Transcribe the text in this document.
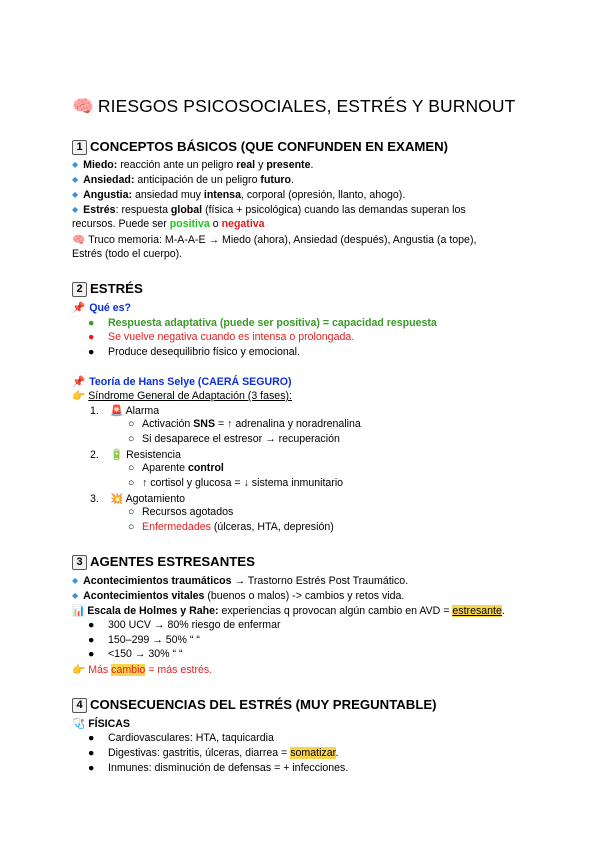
🧠 RIESGOS PSICOSOCIALES, ESTRÉS Y BURNOUT
1 CONCEPTOS BÁSICOS (QUE CONFUNDEN EN EXAMEN)
◆ Miedo: reacción ante un peligro real y presente.
◆ Ansiedad: anticipación de un peligro futuro.
◆ Angustia: ansiedad muy intensa, corporal (opresión, llanto, ahogo).
◆ Estrés: respuesta global (física + psicológica) cuando las demandas superan los
recursos. Puede ser positiva o negativa
🧠 Truco memoria: M-A-A-E → Miedo (ahora), Ansiedad (después), Angustia (a tope),
Estrés (todo el cuerpo).
2 ESTRÉS
📌 Qué es?
● Respuesta adaptativa (puede ser positiva) = capacidad respuesta
● Se vuelve negativa cuando es intensa o prolongada.
● Produce desequilibrio físico y emocional.
📌 Teoría de Hans Selye (CAERÁ SEGURO)
👉 Síndrome General de Adaptación (3 fases):
1. 🚨 Alarma
○ Activación SNS = ↑ adrenalina y noradrenalina
○ Si desaparece el estresor → recuperación
2. 🔋 Resistencia
○ Aparente control
○ ↑ cortisol y glucosa = ↓ sistema inmunitario
3. 💥 Agotamiento
○ Recursos agotados
○ Enfermedades (úlceras, HTA, depresión)
3 AGENTES ESTRESANTES
◆ Acontecimientos traumáticos → Trastorno Estrés Post Traumático.
◆ Acontecimientos vitales (buenos o malos) -> cambios y retos vida.
📊 Escala de Holmes y Rahe: experiencias q provocan algún cambio en AVD = estresante.
● 300 UCV → 80% riesgo de enfermar
● 150–299 → 50% “ “
● <150 → 30% “ “
👉 Más cambio = más estrés.
4 CONSECUENCIAS DEL ESTRÉS (MUY PREGUNTABLE)
🩺 FÍSICAS
● Cardiovasculares: HTA, taquicardia
● Digestivas: gastritis, úlceras, diarrea = somatizar.
● Inmunes: disminución de defensas = + infecciones.
